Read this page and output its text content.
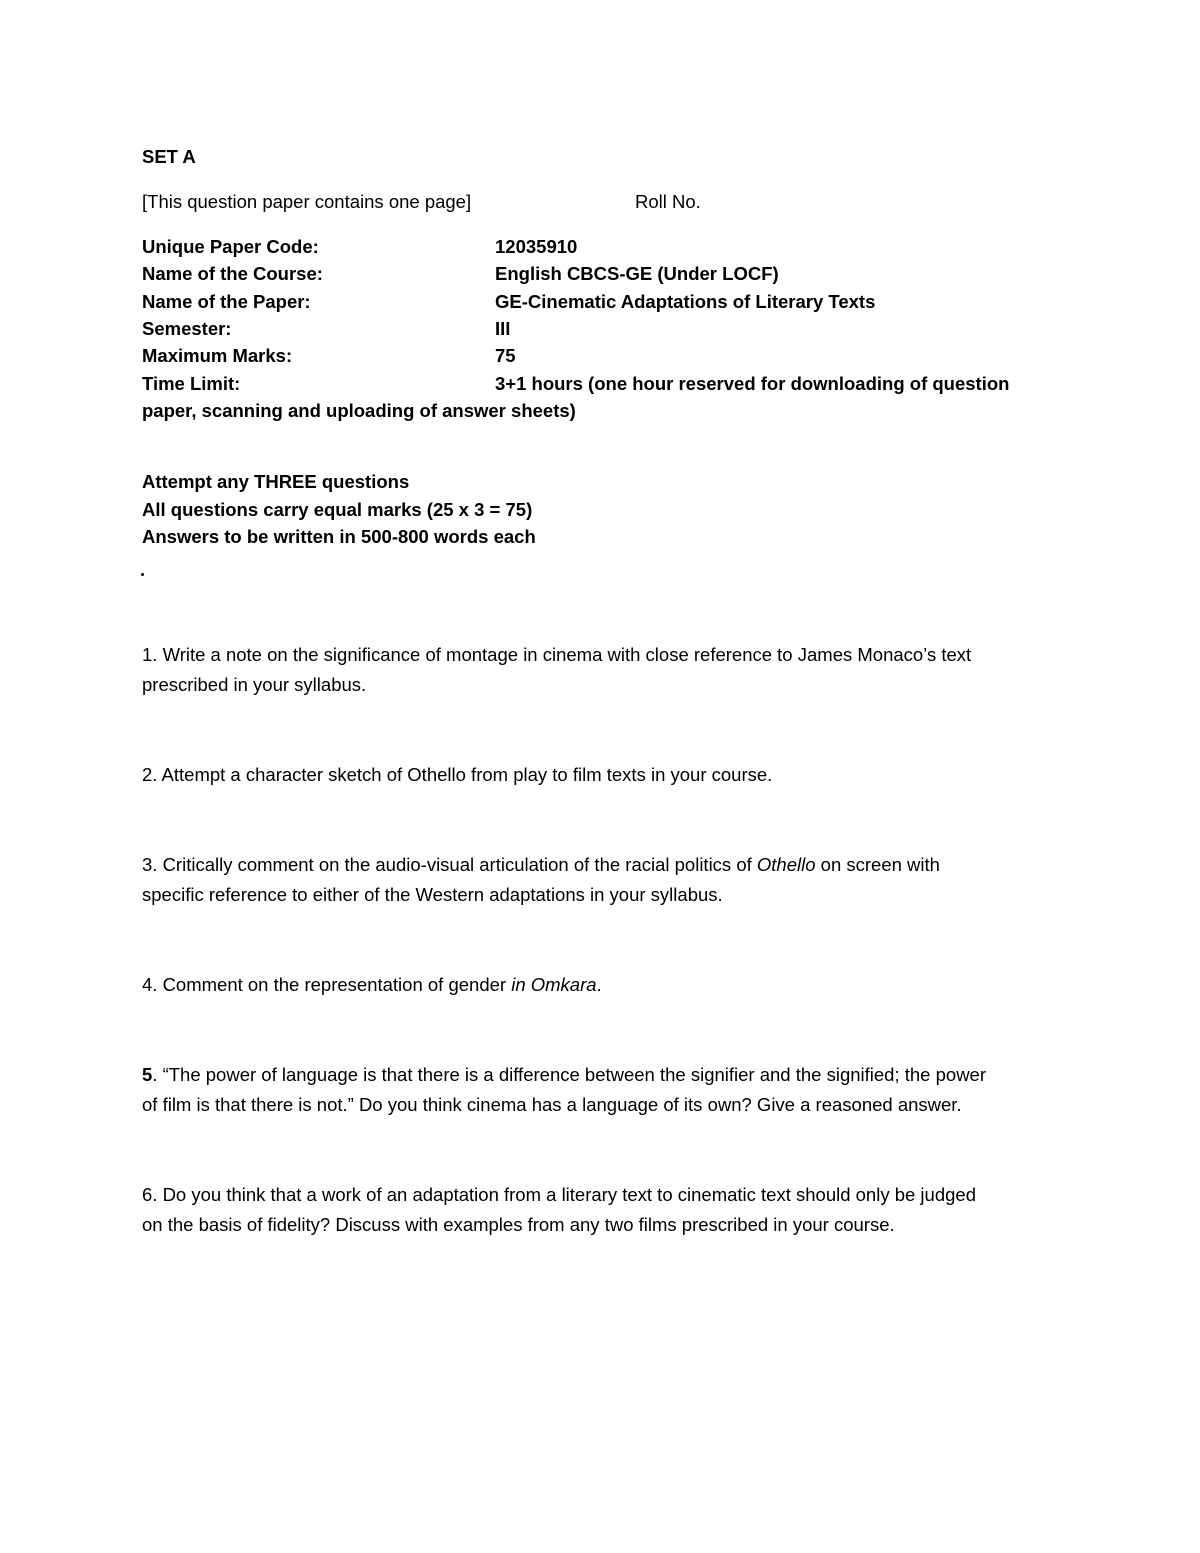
SET A
[This question paper contains one page]	Roll No.
Unique Paper Code:	12035910
Name of the Course:	English CBCS-GE (Under LOCF)
Name of the Paper:	GE-Cinematic Adaptations of Literary Texts
Semester:	III
Maximum Marks:	75
Time Limit:	3+1 hours (one hour reserved for downloading of question
paper, scanning and uploading of answer sheets)
Attempt any THREE questions
All questions carry equal marks (25 x 3 = 75)
Answers to be written in 500-800 words each

1. Write a note on the significance of montage in cinema with close reference to James Monaco’s text

prescribed in your syllabus.

2. Attempt a character sketch of Othello from play to film texts in your course.

3. Critically comment on the audio-visual articulation of the racial politics of Othello on screen with

specific reference to either of the Western adaptations in your syllabus.

4. Comment on the representation of gender in Omkara.

5. “The power of language is that there is a difference between the signifier and the signified; the power

of film is that there is not.” Do you think cinema has a language of its own? Give a reasoned answer.

6. Do you think that a work of an adaptation from a literary text to cinematic text should only be judged

on the basis of fidelity? Discuss with examples from any two films prescribed in your course.
